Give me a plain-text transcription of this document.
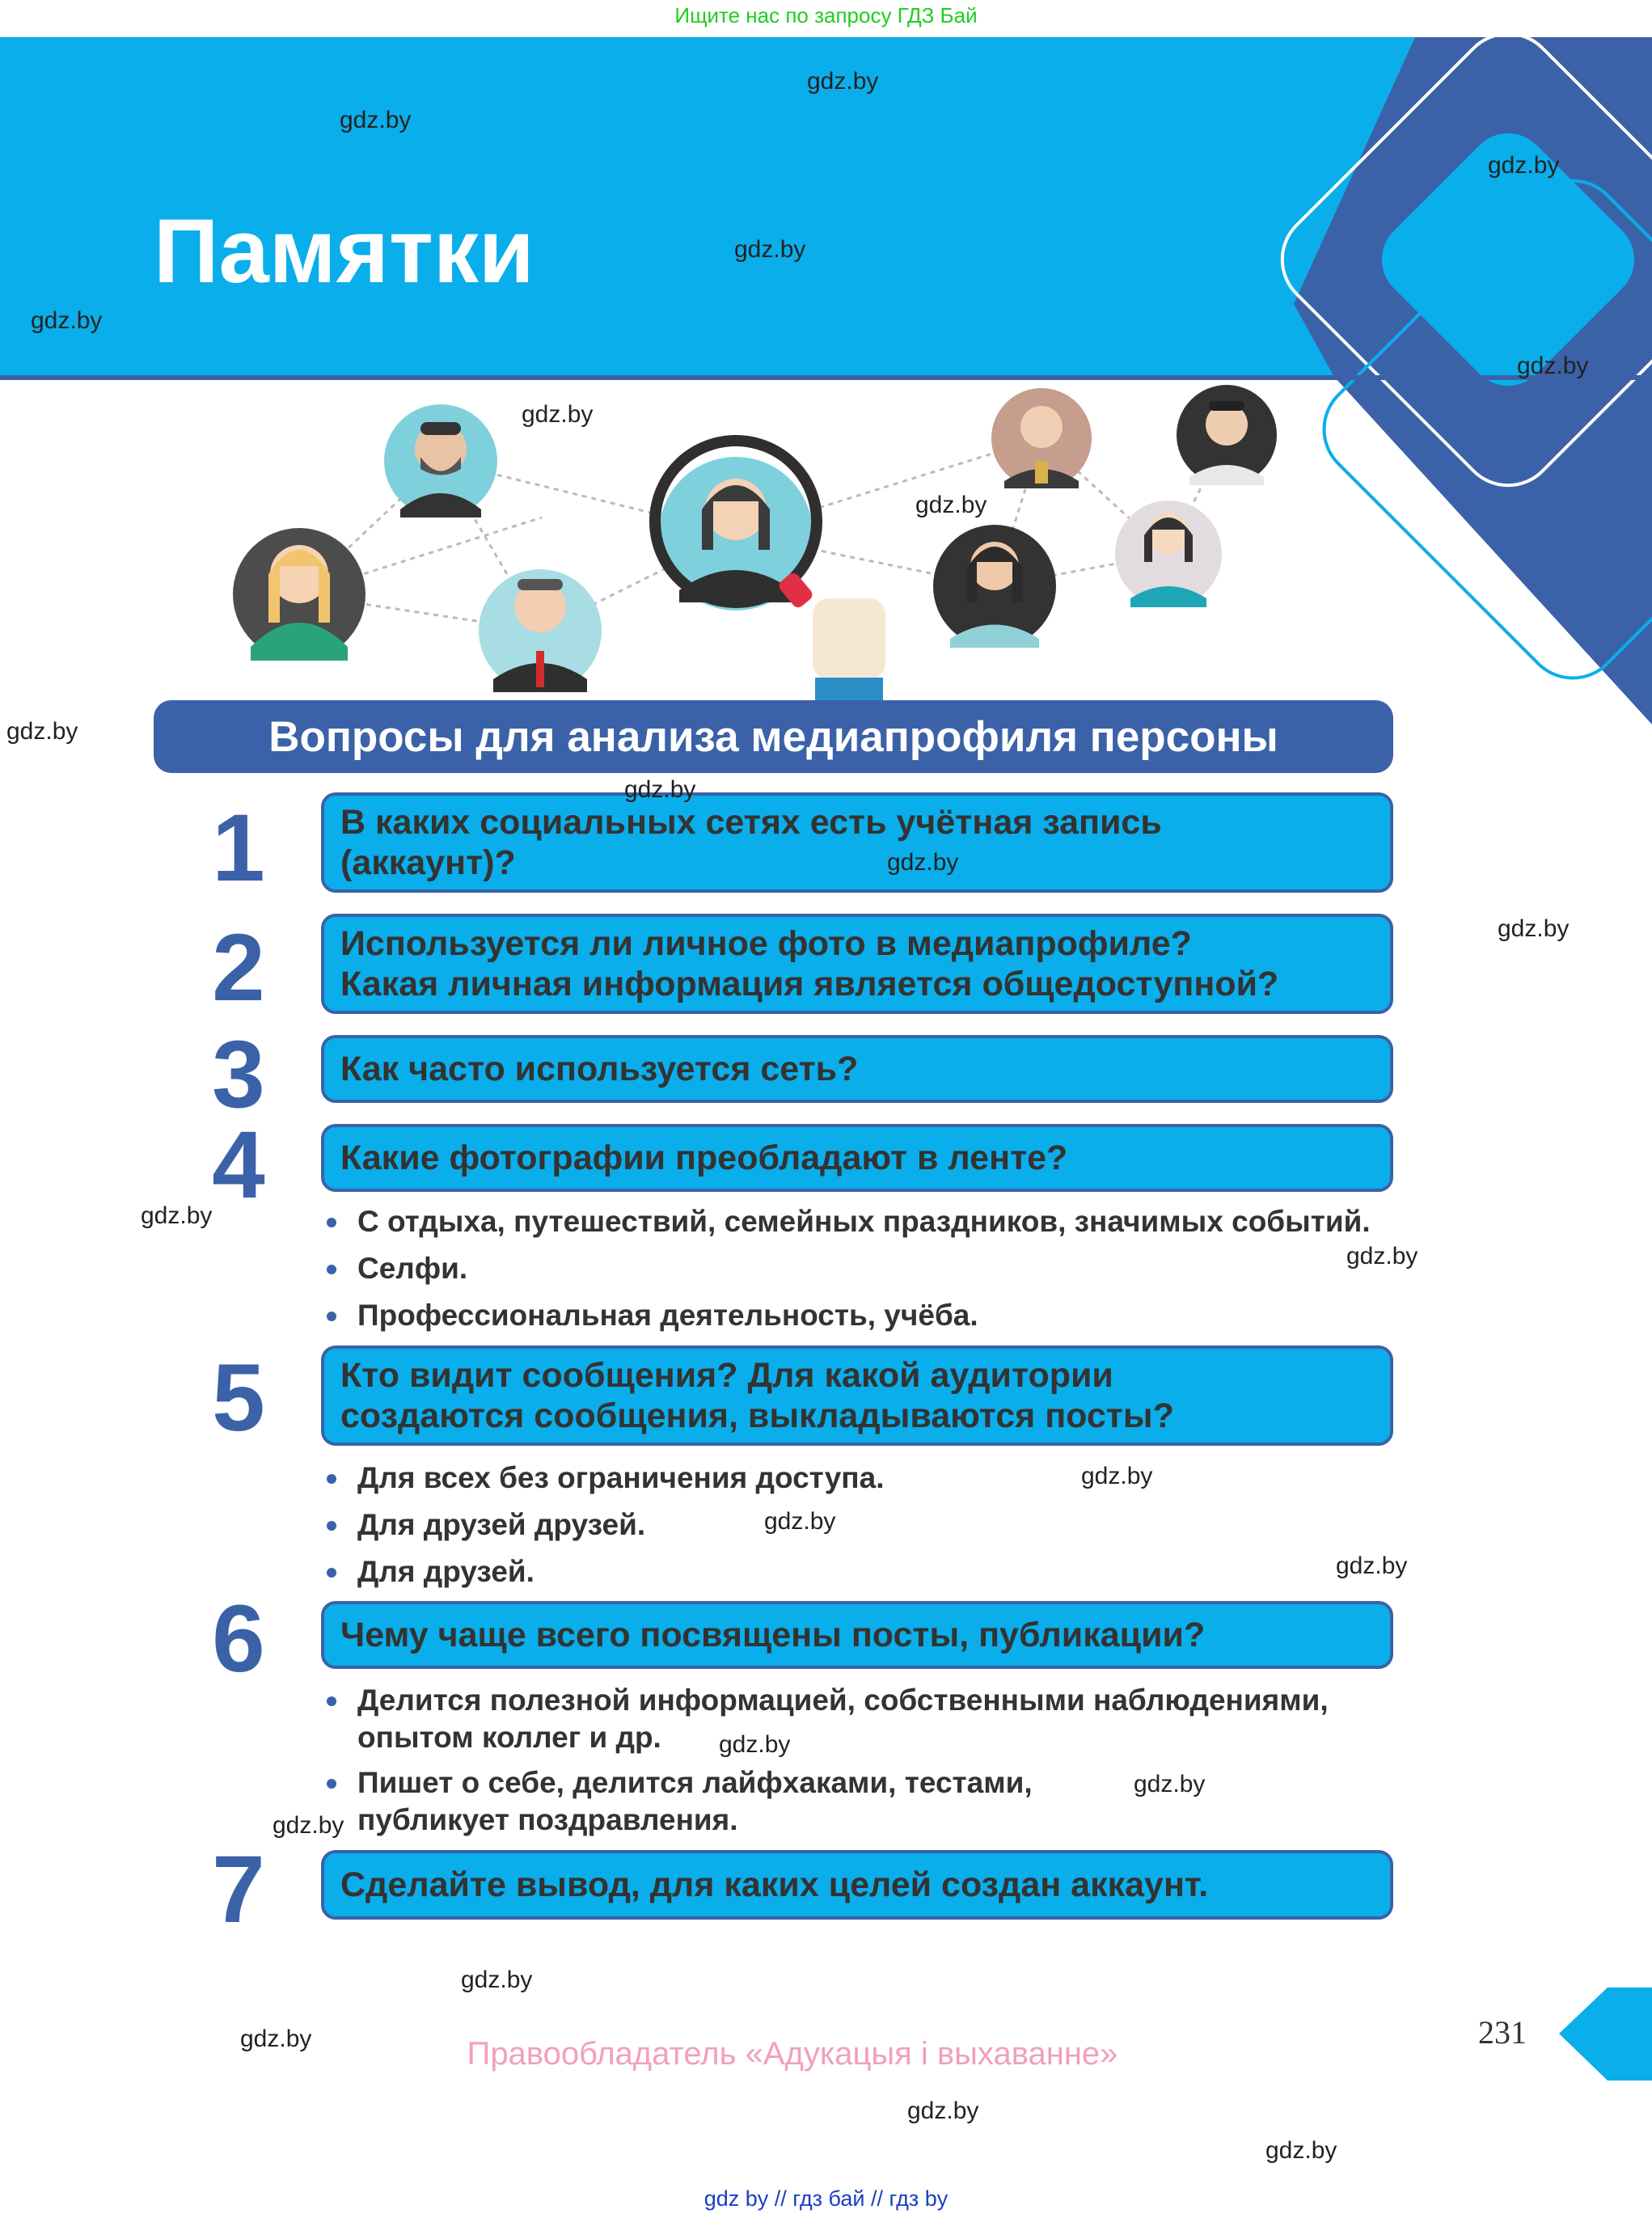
Ищите нас по запросу ГДЗ Бай
Памятки
Вопросы для анализа медиапрофиля персоны
1	В каких социальных сетях есть учётная запись
(аккаунт)?
2	Используется ли личное фото в медиапрофиле?
Какая личная информация является общедоступной?
3	Как часто используется сеть?
4	Какие фотографии преобладают в ленте?
С отдыха, путешествий, семейных праздников, значимых событий.
Селфи.
Профессиональная деятельность, учёба.
5	Кто видит сообщения? Для какой аудитории
создаются сообщения, выкладываются посты?
Для всех без ограничения доступа.
Для друзей друзей.
Для друзей.
6	Чему чаще всего посвящены посты, публикации?
Делится полезной информацией, собственными наблюдениями,
опытом коллег и др.
Пишет о себе, делится лайфхаками, тестами,
публикует поздравления.
7	Сделайте вывод, для каких целей создан аккаунт.
gdz.by
gdz.by
gdz.by
gdz.by
gdz.by
gdz.by
gdz.by
gdz.by
gdz.by
gdz.by
gdz.by
gdz.by
gdz.by
gdz.by
gdz.by
gdz.by
gdz.by
gdz.by
gdz.by
gdz.by
gdz.by
gdz.by
gdz.by
gdz.by
231
Правообладатель «Адукацыя і выхаванне»
gdz by // гдз бай // гдз by
